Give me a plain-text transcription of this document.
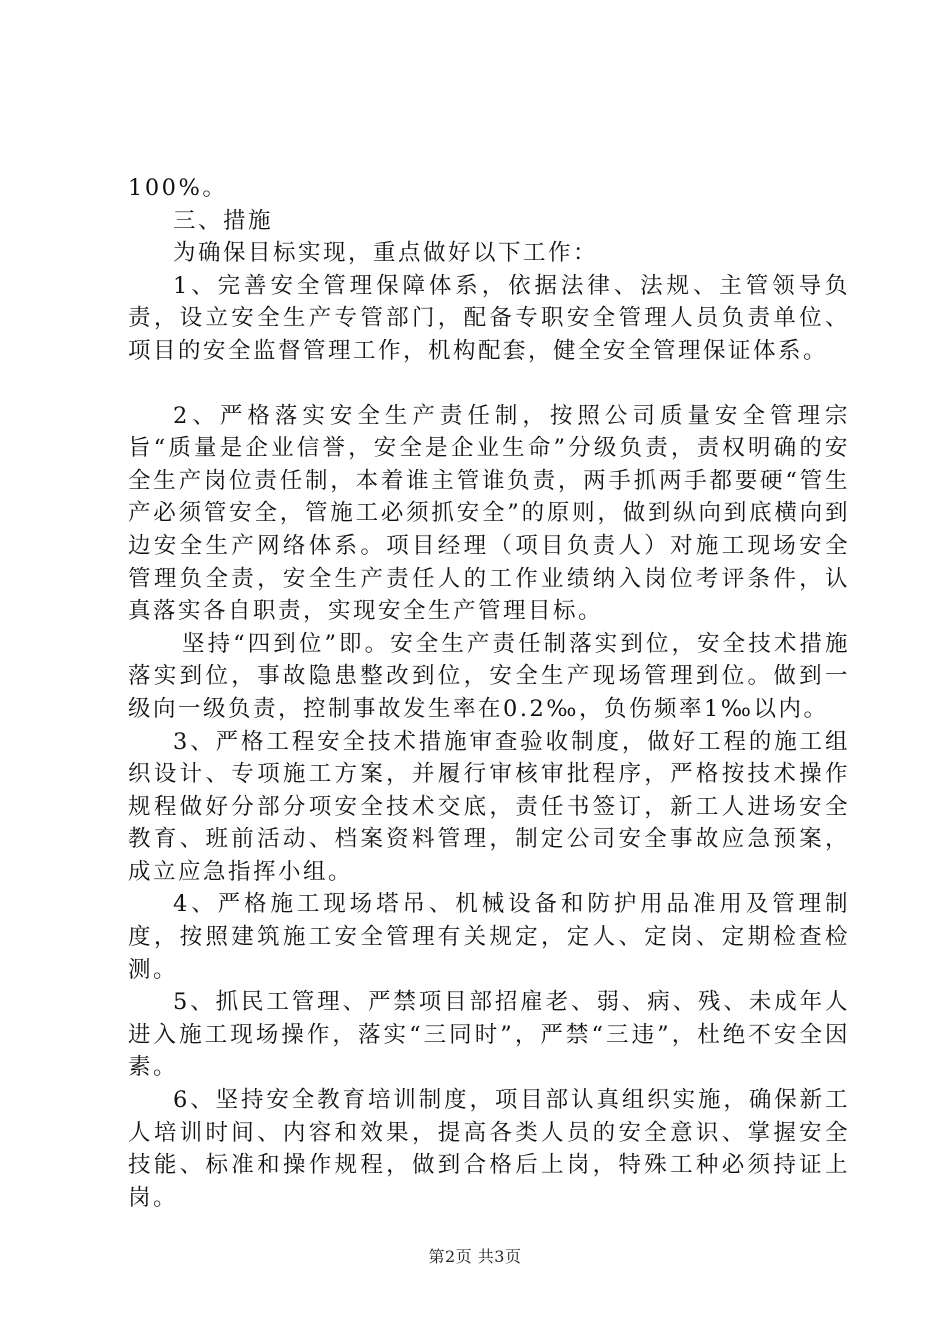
100%。

三、措施

为确保目标实现，重点做好以下工作：

1、完善安全管理保障体系，依据法律、法规、主管领导负责，设立安全生产专管部门，配备专职安全管理人员负责单位、项目的安全监督管理工作，机构配套，健全安全管理保证体系。

2、严格落实安全生产责任制，按照公司质量安全管理宗旨“质量是企业信誉，安全是企业生命”分级负责，责权明确的安全生产岗位责任制，本着谁主管谁负责，两手抓两手都要硬“管生产必须管安全，管施工必须抓安全”的原则，做到纵向到底横向到边安全生产网络体系。项目经理（项目负责人）对施工现场安全管理负全责，安全生产责任人的工作业绩纳入岗位考评条件，认真落实各自职责，实现安全生产管理目标。

坚持“四到位”即。安全生产责任制落实到位，安全技术措施落实到位，事故隐患整改到位，安全生产现场管理到位。做到一级向一级负责，控制事故发生率在0.2‰，负伤频率1‰以内。

3、严格工程安全技术措施审查验收制度，做好工程的施工组织设计、专项施工方案，并履行审核审批程序，严格按技术操作规程做好分部分项安全技术交底，责任书签订，新工人进场安全教育、班前活动、档案资料管理，制定公司安全事故应急预案，成立应急指挥小组。

4、严格施工现场塔吊、机械设备和防护用品准用及管理制度，按照建筑施工安全管理有关规定，定人、定岗、定期检查检测。

5、抓民工管理、严禁项目部招雇老、弱、病、残、未成年人进入施工现场操作，落实“三同时”，严禁“三违”，杜绝不安全因素。

6、坚持安全教育培训制度，项目部认真组织实施，确保新工人培训时间、内容和效果，提高各类人员的安全意识、掌握安全技能、标准和操作规程，做到合格后上岗，特殊工种必须持证上岗。

第2页 共3页
